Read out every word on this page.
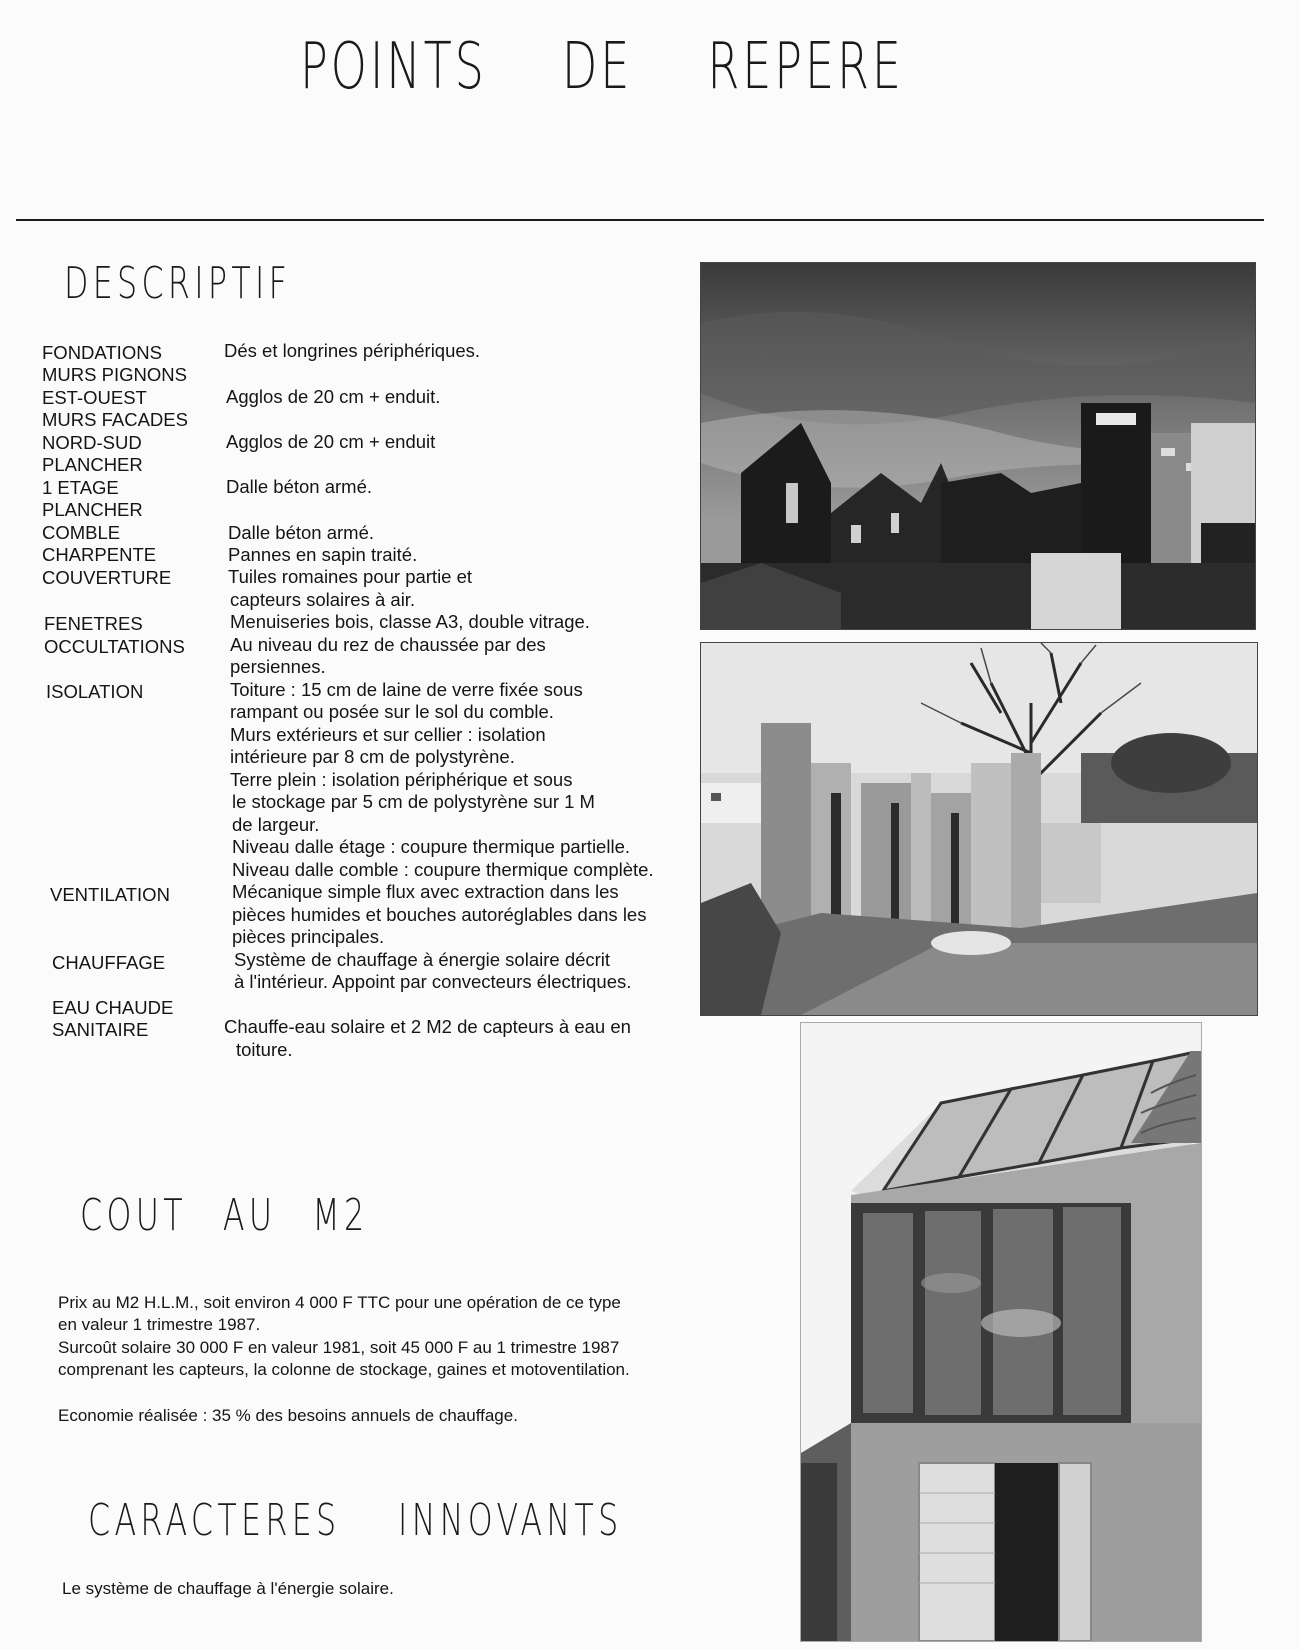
POINTS DE REPERE
DESCRIPTIF
FONDATIONS
MURS PIGNONS
EST-OUEST
MURS FACADES
NORD-SUD
PLANCHER
1 ETAGE
PLANCHER
COMBLE
CHARPENTE
COUVERTURE
FENETRES
OCCULTATIONS
ISOLATION
VENTILATION
CHAUFFAGE
EAU CHAUDE
SANITAIRE
Dés et longrines périphériques.
Agglos de 20 cm + enduit.
Agglos de 20 cm + enduit
Dalle béton armé.
Dalle béton armé.
Pannes en sapin traité.
Tuiles romaines pour partie et
capteurs solaires à air.
Menuiseries bois, classe A3, double vitrage.
Au niveau du rez de chaussée par des
persiennes.
Toiture : 15 cm de laine de verre fixée sous
rampant ou posée sur le sol du comble.
Murs extérieurs et sur cellier : isolation
intérieure par 8 cm de polystyrène.
Terre plein : isolation périphérique et sous
le stockage par 5 cm de polystyrène sur 1 M
de largeur.
Niveau dalle étage : coupure thermique partielle.
Niveau dalle comble : coupure thermique complète.
Mécanique simple flux avec extraction dans les
pièces humides et bouches autoréglables dans les
pièces principales.
Système de chauffage à énergie solaire décrit
à l'intérieur. Appoint par convecteurs électriques.
Chauffe-eau solaire et 2 M2 de capteurs à eau en
toiture.
COUT AU M2
Prix au M2 H.L.M., soit environ 4 000 F TTC pour une opération de ce type
en valeur 1 trimestre 1987.
Surcoût solaire 30 000 F en valeur 1981, soit 45 000 F au 1 trimestre 1987
comprenant les capteurs, la colonne de stockage, gaines et motoventilation.
Economie réalisée : 35 % des besoins annuels de chauffage.
CARACTERES INNOVANTS
Le système de chauffage à l'énergie solaire.
